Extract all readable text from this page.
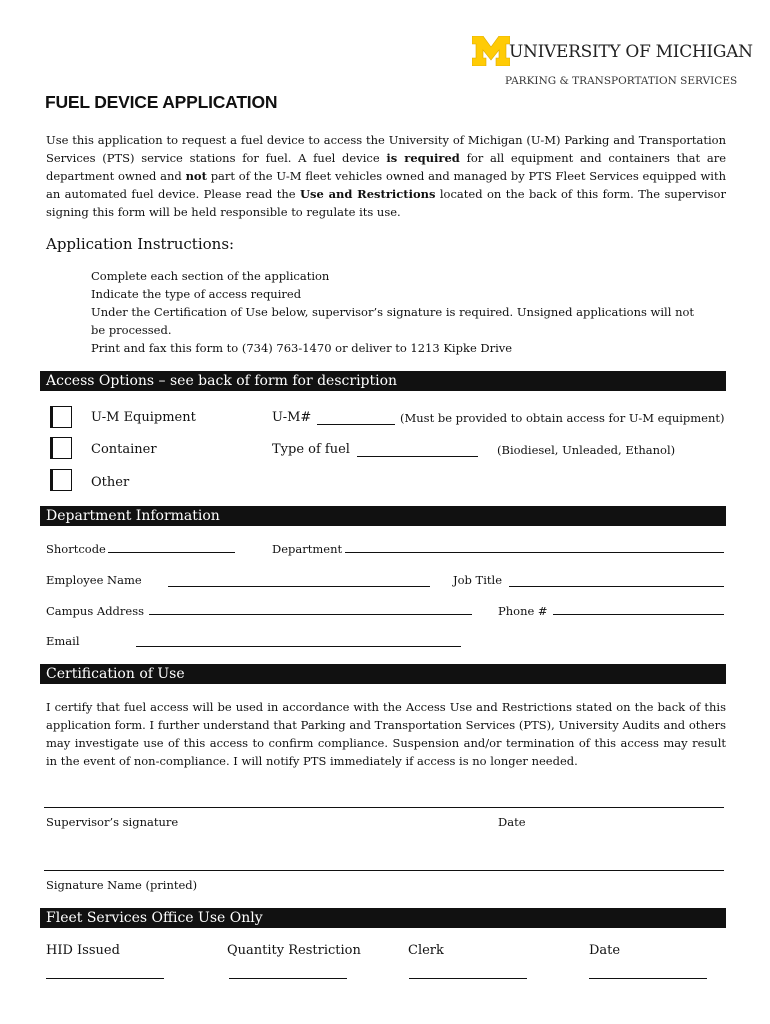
UNIVERSITY OF MICHIGAN
PARKING & TRANSPORTATION SERVICES
FUEL DEVICE APPLICATION
Use this application to request a fuel device to access the University of Michigan (U-M) Parking and Transportation Services (PTS) service stations for fuel. A fuel device is required for all equipment and containers that are department owned and not part of the U-M fleet vehicles owned and managed by PTS Fleet Services equipped with an automated fuel device. Please read the Use and Restrictions located on the back of this form. The supervisor signing this form will be held responsible to regulate its use.
Application Instructions:
Complete each section of the application
Indicate the type of access required
Under the Certification of Use below, supervisor’s signature is required. Unsigned applications will not
be processed.
Print and fax this form to (734) 763-1470 or deliver to 1213 Kipke Drive
Access Options – see back of form for description
U-M Equipment	U-M#	(Must be provided to obtain access for U-M equipment)
Container	Type of fuel	(Biodiesel, Unleaded, Ethanol)
Other
Department Information
Shortcode	Department
Employee Name	Job Title
Campus Address	Phone #
Email
Certification of Use
I certify that fuel access will be used in accordance with the Access Use and Restrictions stated on the back of this application form. I further understand that Parking and Transportation Services (PTS), University Audits and others may investigate use of this access to confirm compliance. Suspension and/or termination of this access may result in the event of non-compliance. I will notify PTS immediately if access is no longer needed.
Supervisor’s signature	Date
Signature Name (printed)
Fleet Services Office Use Only
HID Issued	Quantity Restriction	Clerk	Date
